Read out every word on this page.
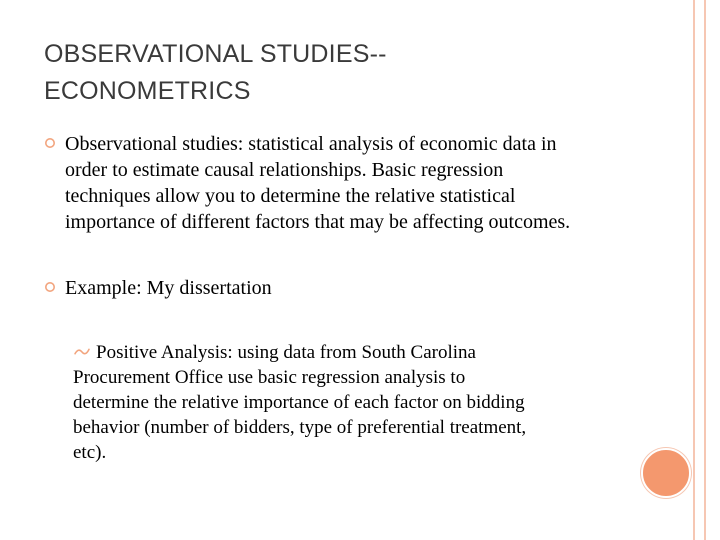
OBSERVATIONAL STUDIES--
ECONOMETRICS
Observational studies: statistical analysis of economic data in
order to estimate causal relationships. Basic regression
techniques allow you to determine the relative statistical
importance of different factors that may be affecting outcomes.
Example: My dissertation
Positive Analysis: using data from South Carolina

Procurement Office use basic regression analysis to
determine the relative importance of each factor on bidding
behavior (number of bidders, type of preferential treatment,
etc).
